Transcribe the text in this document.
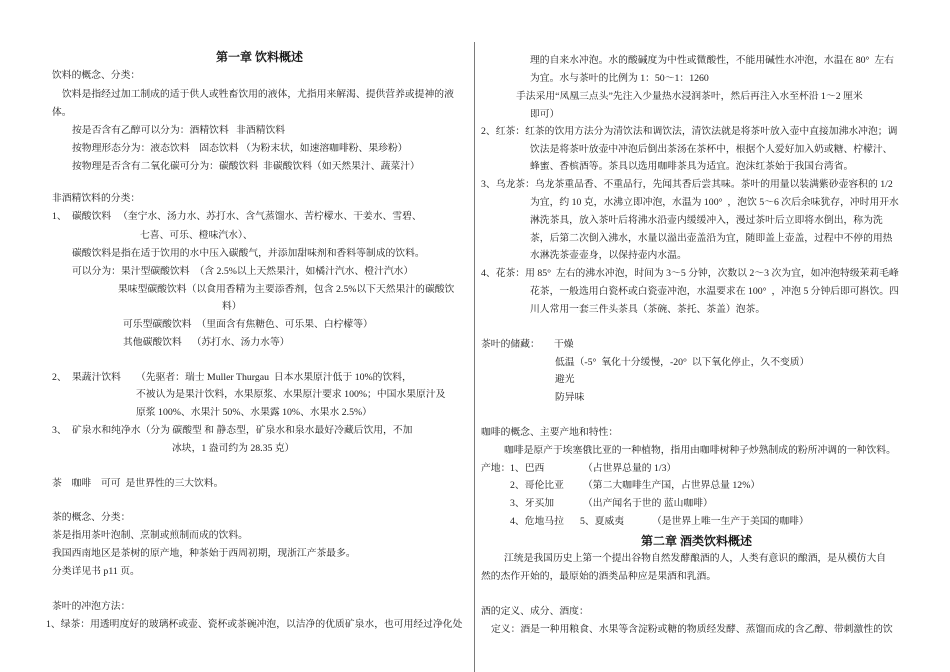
第一章 饮料概述
饮料的概念、分类：
饮料是指经过加工制成的适于供人或牲畜饮用的液体，尤指用来解渴、提供营养或提神的液
体。
按是否含有乙醇可以分为：酒精饮料   非酒精饮料
按物理形态分为：液态饮料    固态饮料 （为粉末状，如速溶咖啡粉、果珍粉）
按物理是否含有二氧化碳可分为：碳酸饮料  非碳酸饮料（如天然果汁、蔬菜汁）
非酒精饮料的分类：
1、 碳酸饮料 （奎宁水、汤力水、苏打水、含气蒸馏水、苦柠檬水、干姜水、雪碧、
七喜、可乐、橙味汽水）、
碳酸饮料是指在适于饮用的水中压入碳酸气，并添加甜味剂和香料等制成的饮料。
可以分为：果汁型碳酸饮料  （含 2.5%以上天然果汁，如橘汁汽水、橙汁汽水）
果味型碳酸饮料（以食用香精为主要添香剂，包含 2.5%以下天然果汁的碳酸饮
料）
可乐型碳酸饮料  （里面含有焦糖色、可乐果、白柠檬等）
其他碳酸饮料    （苏打水、汤力水等）
2、 果蔬汁饮料 （先驱者：瑞士 Muller Thurgau  日本水果原汁低于 10%的饮料，
不被认为是果汁饮料，水果原浆、水果原汁要求 100%；中国水果原汁及
原浆 100%、水果汁 50%、水果露 10%、水果水 2.5%）
3、 矿泉水和纯净水（分为 碳酸型 和 静态型，矿泉水和泉水最好冷藏后饮用，不加
冰块，1 盎司约为 28.35 克）
茶    咖啡    可可  是世界性的三大饮料。
茶的概念、分类：
茶是指用茶叶泡制、烹制或煎制而成的饮料。
我国西南地区是茶树的原产地，种茶始于西周初期，现浙江产茶最多。
分类详见书 p11 页。
茶叶的冲泡方法：
1、绿茶：用透明度好的玻璃杯或壶、瓷杯或茶碗冲泡，以洁净的优质矿泉水，也可用经过净化处
理的自来水冲泡。水的酸碱度为中性或微酸性，不能用碱性水冲泡，水温在 80°  左右
为宜。水与茶叶的比例为 1：50～1：1260
手法采用“凤凰三点头”先注入少量热水浸润茶叶，然后再注入水至杯沿 1～2 厘米
即可）
2、红茶：红茶的饮用方法分为清饮法和调饮法，清饮法就是将茶叶放入壶中直接加沸水冲泡；调
饮法是将茶叶放壶中冲泡后倒出茶汤在茶杯中，根据个人爱好加入奶或糖、柠檬汁、
蜂蜜、香槟酒等。茶具以选用咖啡茶具为适宜。泡沫红茶始于我国台湾省。
3、乌龙茶：乌龙茶重品香、不重品行，先闻其香后尝其味。茶叶的用量以装满紫砂壶容积的 1/2
为宜，约 10 克，水沸立即冲泡，水温为 100°  ，泡饮 5～6 次后余味犹存，冲时用开水
淋洗茶具，放入茶叶后将沸水沿壶内缓缓冲入，漫过茶叶后立即将水倒出，称为洗
茶，后第二次倒入沸水，水量以溢出壶盖沿为宜，随即盖上壶盖，过程中不停的用热
水淋洗茶壶壶身，以保持壶内水温。
4、花茶：用 85°  左右的沸水冲泡，时间为 3～5 分钟，次数以 2～3 次为宜，如冲泡特级茉莉毛峰
花茶，一般选用白瓷杯或白瓷壶冲泡，水温要求在 100°  ，冲泡 5 分钟后即可斟饮。四
川人常用一套三件头茶具（茶碗、茶托、茶盖）泡茶。
茶叶的储藏： 干燥
低温（-5°  氧化十分缓慢，-20°  以下氧化停止，久不变质）
避光
防异味
咖啡的概念、主要产地和特性：
咖啡是原产于埃塞俄比亚的一种植物，指用由咖啡树种子炒熟制成的粉所冲调的一种饮料。
产地： 1、巴西	（占世界总量的 1/3）
2、哥伦比亚 （第二大咖啡生产国，占世界总量 12%）
3、牙买加	（出产闻名于世的 蓝山咖啡）
4、危地马拉 5、夏威夷	（是世界上唯一生产于美国的咖啡）
第二章 酒类饮料概述
江统是我国历史上第一个提出谷物自然发酵酿酒的人，人类有意识的酿酒，是从模仿大自
然的杰作开始的，最原始的酒类品种应是果酒和乳酒。
酒的定义、成分、酒度：
定义：酒是一种用粮食、水果等含淀粉或糖的物质经发酵、蒸馏而成的含乙醇、带刺激性的饮
